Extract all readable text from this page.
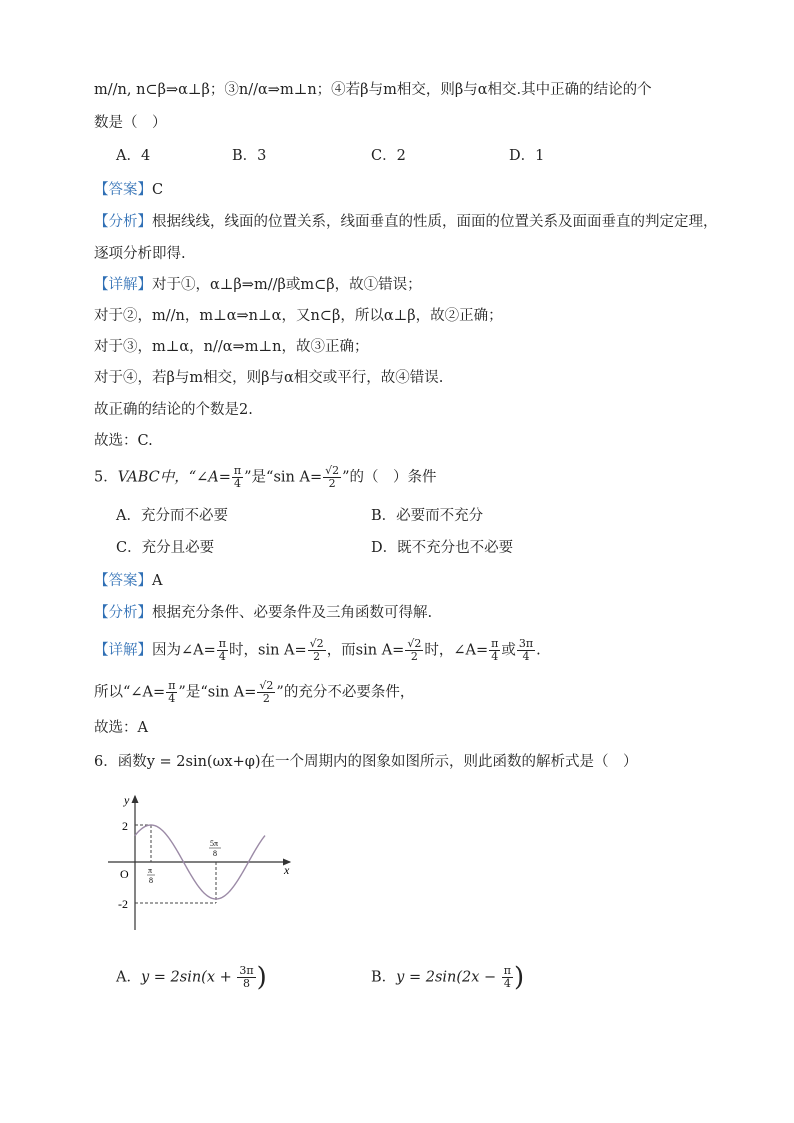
m//n, n⊂β⇒α⊥β；③n//α⇒m⊥n；④若β与m相交，则β与α相交.其中正确的结论的个
数是（　）
A．4	B．3	C．2	D．1
【答案】C
【分析】根据线线，线面的位置关系，线面垂直的性质，面面的位置关系及面面垂直的判定定理，
逐项分析即得.
【详解】对于①，α⊥β⇒m//β或m⊂β，故①错误；
对于②，m//n，m⊥α⇒n⊥α，又n⊂β，所以α⊥β，故②正确；
对于③，m⊥α，n//α⇒m⊥n，故③正确；
对于④，若β与m相交，则β与α相交或平行，故④错误.
故正确的结论的个数是2.
故选：C.
5．VABC中，“∠A= $\frac{\pi}{4}$ ”是“sin $A= \frac{√2}{2}$ ”的（　）条件
A．充分而不必要	B．必要而不充分
C．充分且必要	D．既不充分也不必要
【答案】A
【分析】根据充分条件、必要条件及三角函数可得解.
【详解】因为∠A= $\frac{\pi}{4}$ 时，$\sin A= \frac{√2}{2}$ ，而$\sin A= \frac{√2}{2}$ 时，∠A= $\frac{\pi}{4}$ 或 $\frac{3\pi}{4}$ .
所以“∠A= $\frac{\pi}{4}$ ”是“sin $A= \frac{√2}{2}$ ”的充分不必要条件，
故选：A
6．函数y = 2sin(ωx+φ)在一个周期内的图象如图所示，则此函数的解析式是（　）
y
x
O
2
-2
π
8
5π
8
A．$y = 2\sin(x + \frac{3\pi}{8}$ )	B．$y = 2\sin(2x - \frac{\pi}{4}$ )
